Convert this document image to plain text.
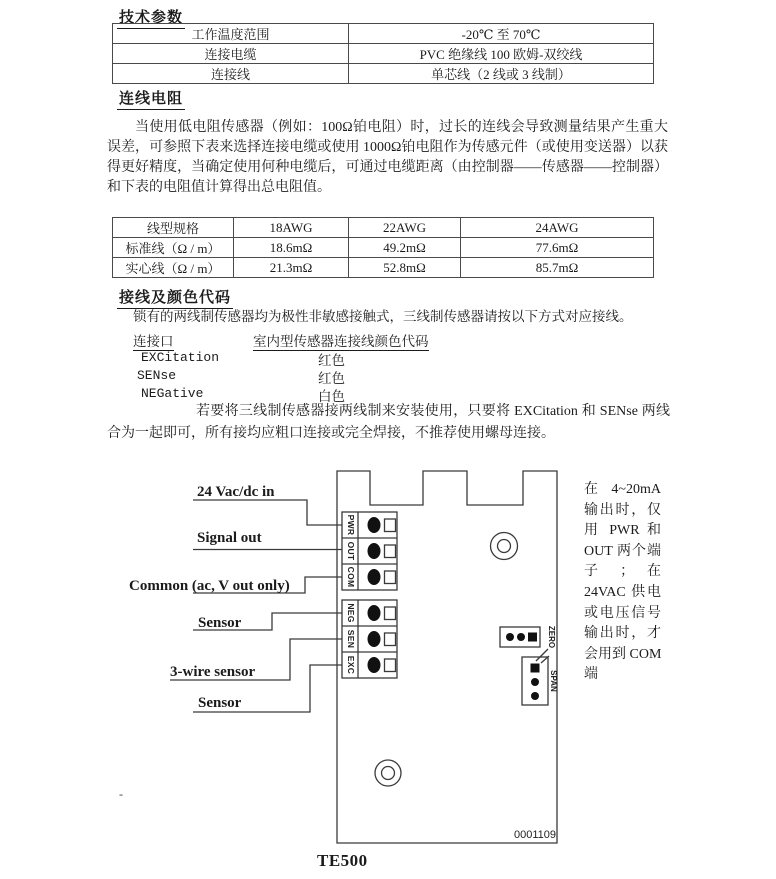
技术参数
工作温度范围	-20℃ 至 70℃
连接电缆	PVC 绝缘线 100 欧姆-双绞线
连接线	单芯线（2 线或 3 线制）
连线电阻
当使用低电阻传感器（例如：100Ω铂电阻）时，过长的连线会导致测量结果产生重大误差，可参照下表来选择连接电缆或使用 1000Ω铂电阻作为传感元件（或使用变送器）以获得更好精度，当确定使用何种电缆后，可通过电缆距离（由控制器——传感器——控制器）和下表的电阻值计算得出总电阻值。
线型规格	18AWG	22AWG	24AWG
标准线（Ω / m）	18.6mΩ	49.2mΩ	77.6mΩ
实心线（Ω / m）	21.3mΩ	52.8mΩ	85.7mΩ
接线及颜色代码
锁有的两线制传感器均为极性非敏感接触式，三线制传感器请按以下方式对应接线。
连接口	室内型传感器连接线颜色代码
EXCitation	红色
SENse	红色
NEGative	白色
若要将三线制传感器接两线制来安装使用，只要将 EXCitation 和 SENse 两线合为一起即可，所有接均应粗口连接或完全焊接，不推荐使用螺母连接。
24 Vac/dc in
Signal out
Common (ac, V out only)
Sensor
3-wire sensor
Sensor
PWR
OUT
COM
NEG
SEN
EXC
ZERO
SPAN
0001109
在 4~20mA
输出时，仅
用 PWR 和
OUT 两个端
子 ； 在
24VAC 供电
或电压信号
输出时，才
会用到 COM
端
-
TE500
